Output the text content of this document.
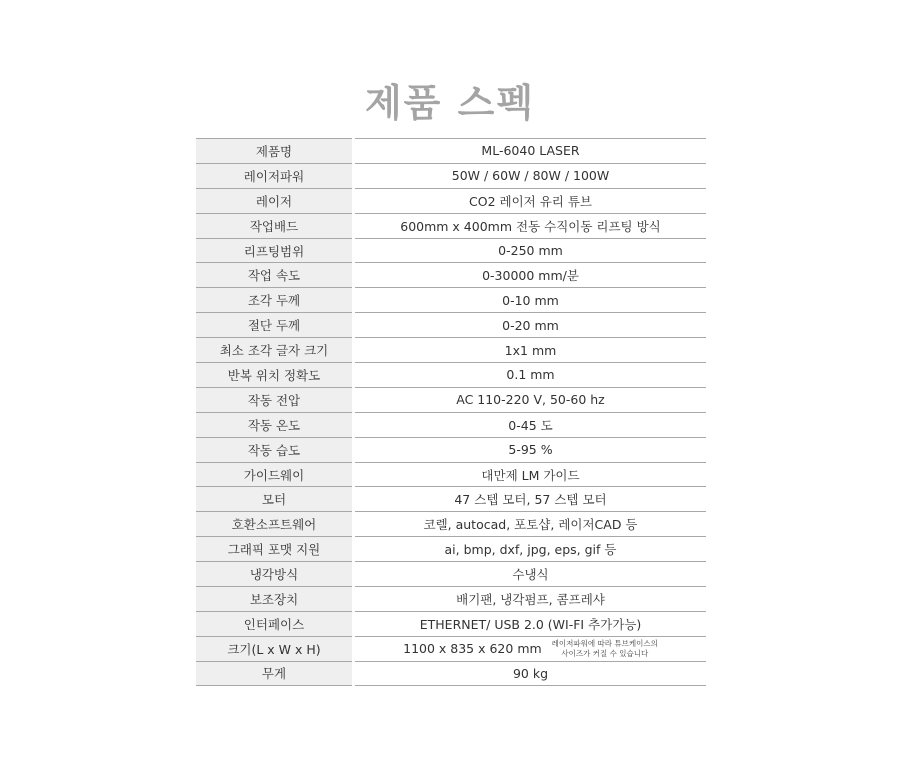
제품 스펙
제품명	ML-6040 LASER
레이저파워	50W / 60W / 80W / 100W
레이저	CO2 레이저 유리 튜브
작업배드	600mm x 400mm 전동 수직이동 리프팅 방식
리프팅범위	0-250 mm
작업 속도	0-30000 mm/분
조각 두께	0-10 mm
절단 두께	0-20 mm
최소 조각 글자 크기	1x1 mm
반복 위치 정확도	0.1 mm
작동 전압	AC 110-220 V, 50-60 hz
작동 온도	0-45 도
작동 습도	5-95 %
가이드웨이	대만제 LM 가이드
모터	47 스텝 모터, 57 스텝 모터
호환소프트웨어	코렐, autocad, 포토샵, 레이저CAD 등
그래픽 포맷 지원	ai, bmp, dxf, jpg, eps, gif 등
냉각방식	수냉식
보조장치	배기팬, 냉각펌프, 콤프레샤
인터페이스	ETHERNET/ USB 2.0 (WI-FI 추가가능)
크기(L x W x H)	1100 x 835 x 620 mm 레이저파워에 따라 튜브케이스의
사이즈가 커질 수 있습니다
무게	90 kg
